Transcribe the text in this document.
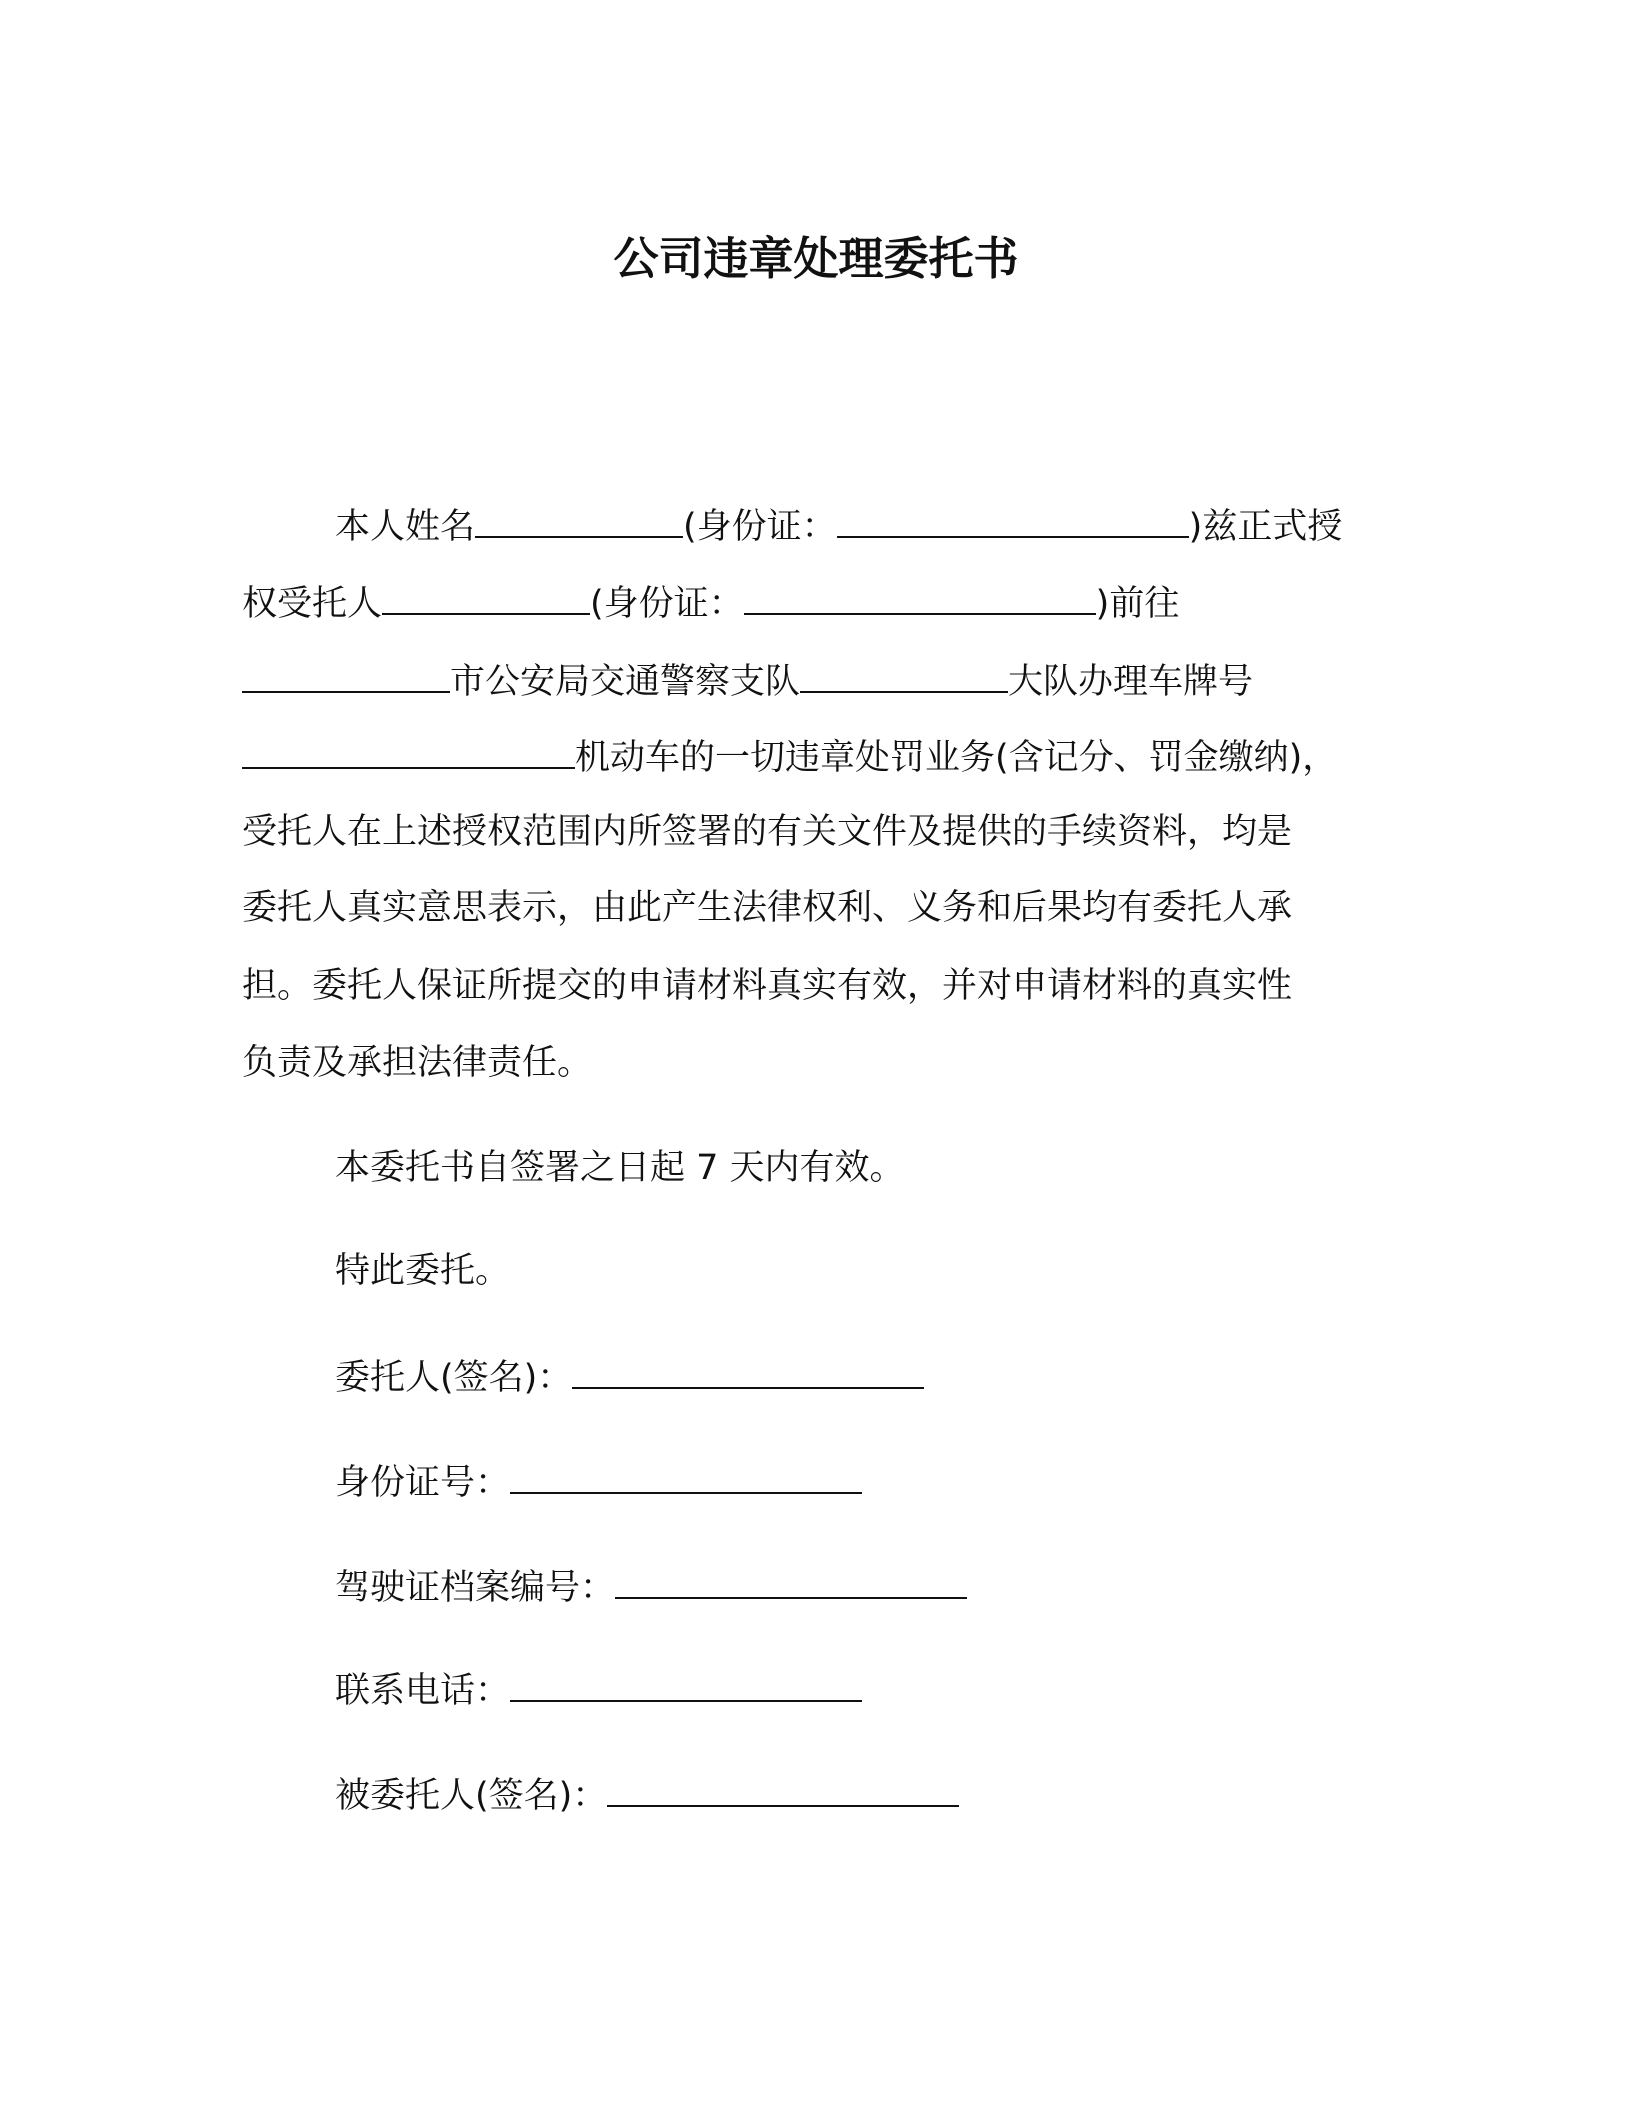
公司违章处理委托书
本人姓名	(身份证：	)兹正式授
权受托人	(身份证：	)前往
市公安局交通警察支队	大队办理车牌号
机动车的一切违章处罚业务(含记分、罚金缴纳)，
受托人在上述授权范围内所签署的有关文件及提供的手续资料，均是
委托人真实意思表示，由此产生法律权利、义务和后果均有委托人承
担。委托人保证所提交的申请材料真实有效，并对申请材料的真实性
负责及承担法律责任。
本委托书自签署之日起 7 天内有效。
特此委托。
委托人(签名)：
身份证号：
驾驶证档案编号：
联系电话：
被委托人(签名)：
